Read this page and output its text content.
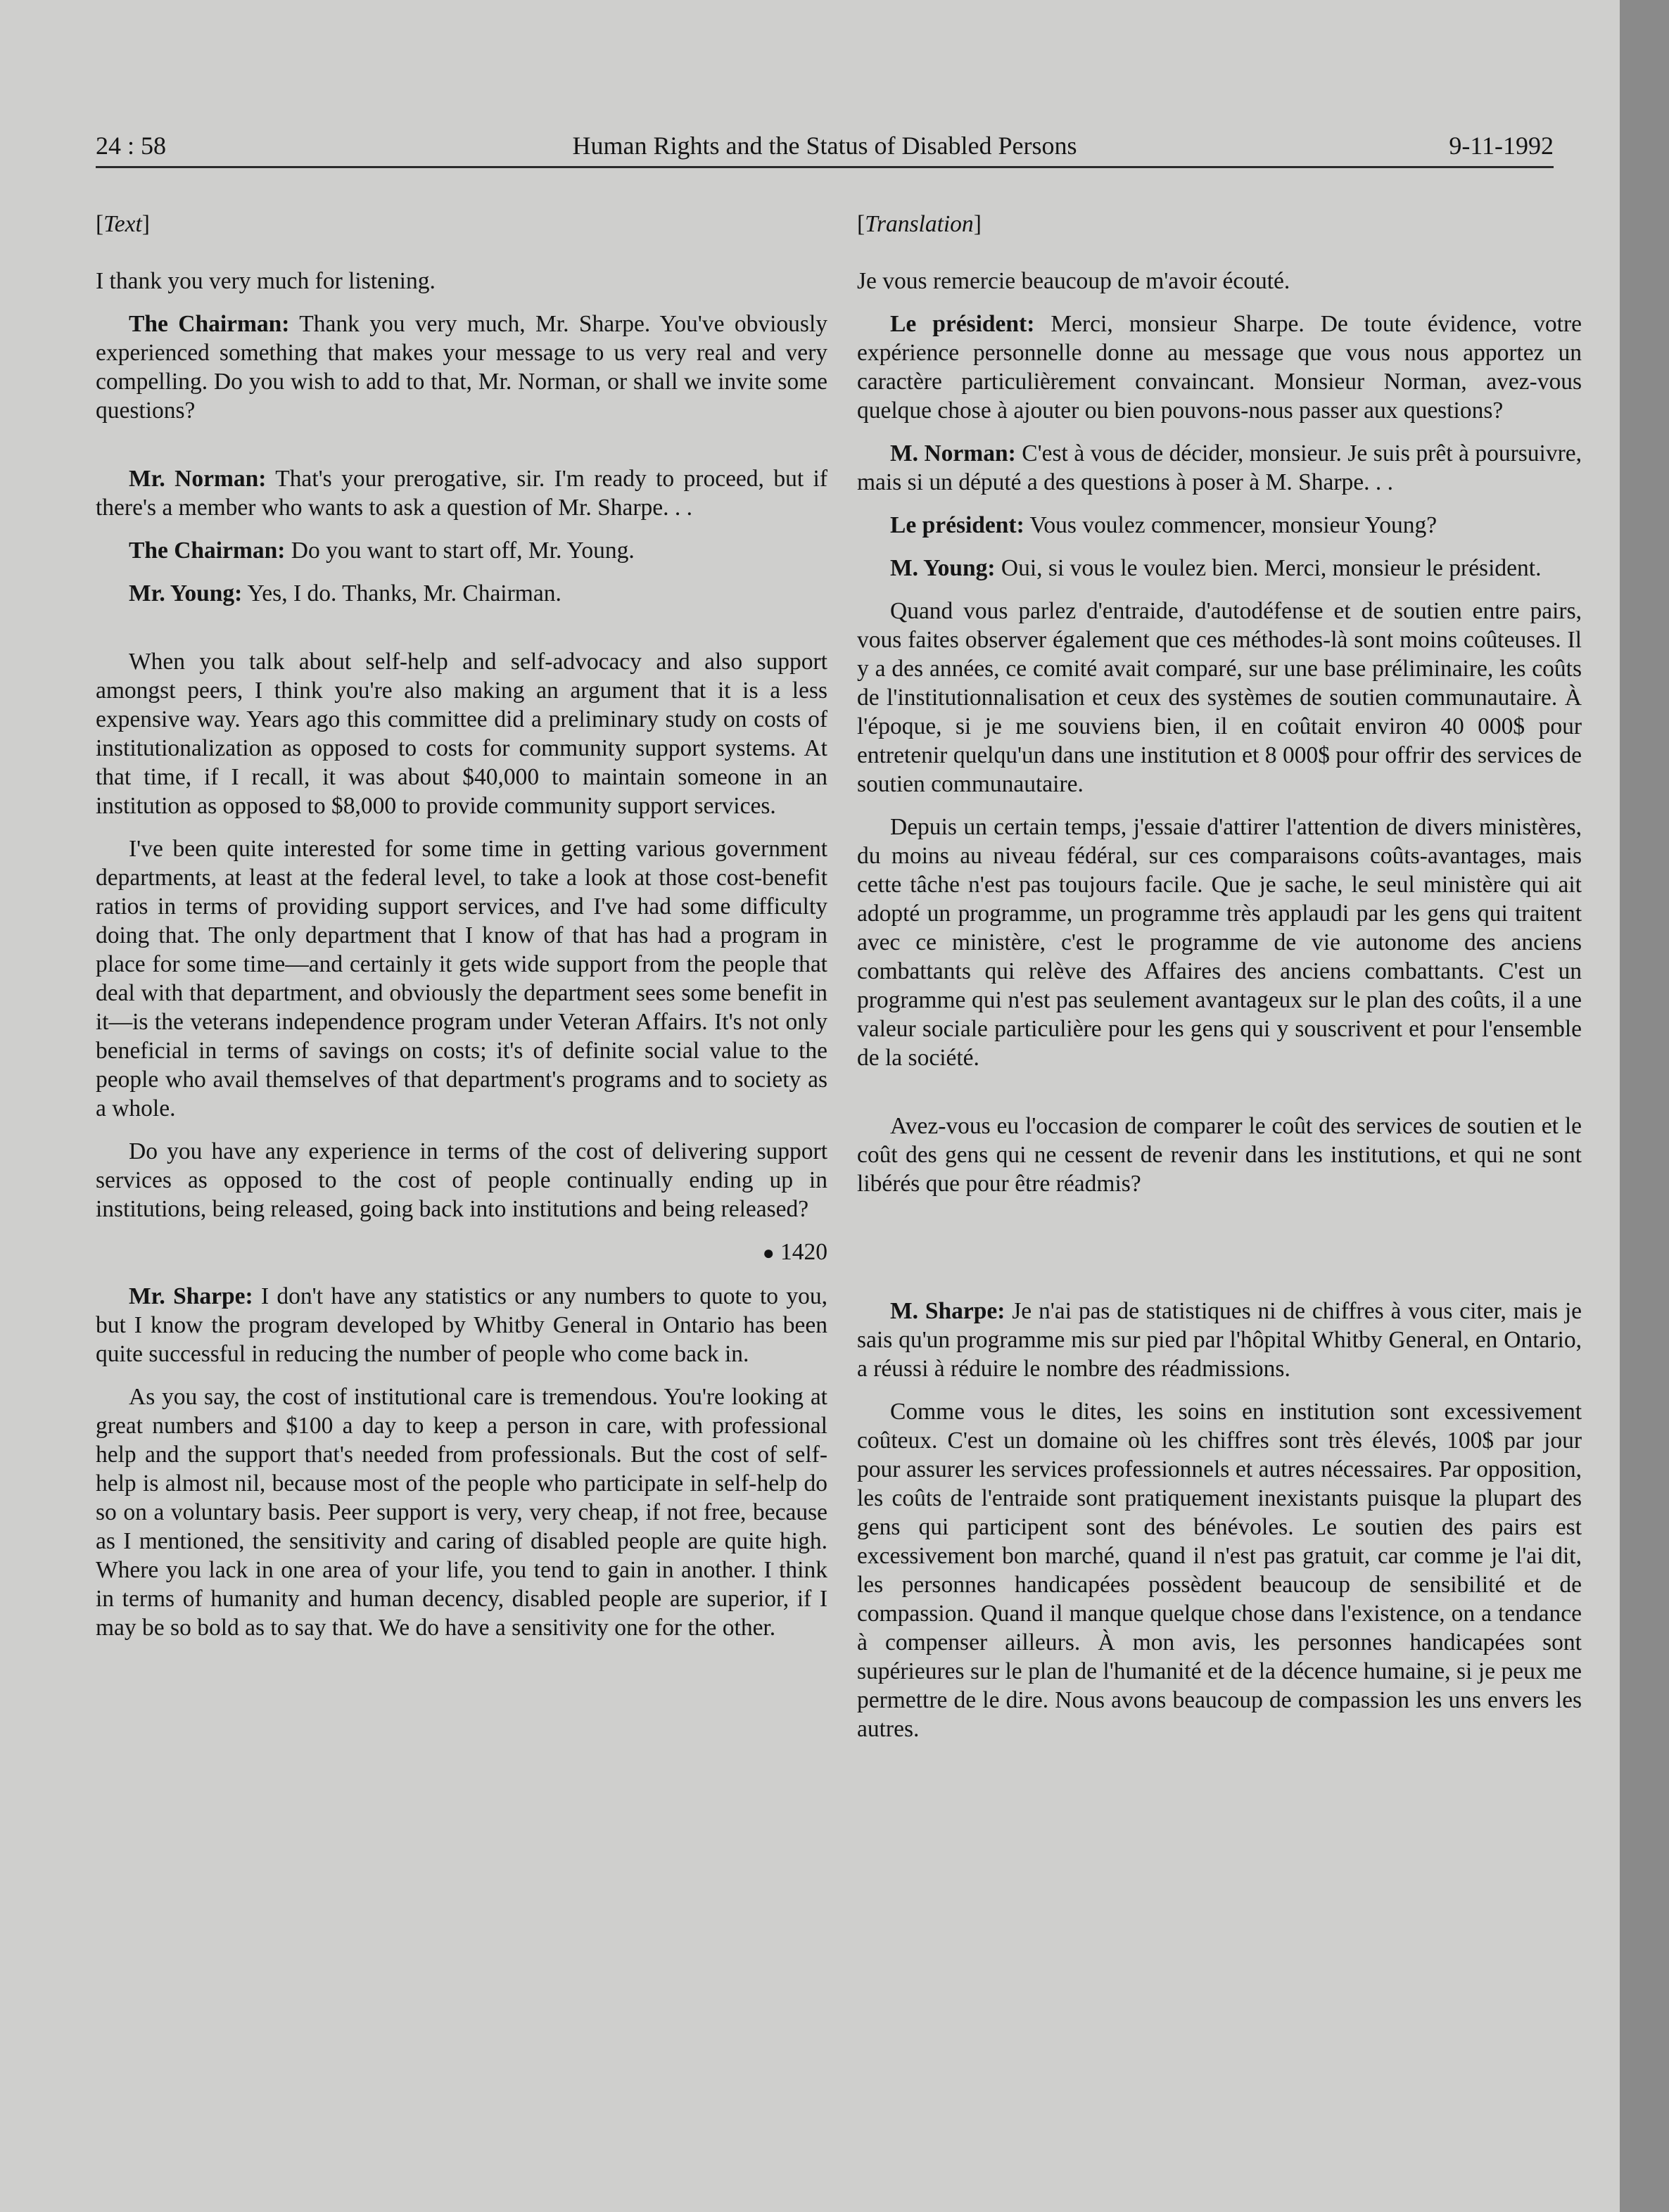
24 : 58	Human Rights and the Status of Disabled Persons	9-11-1992

[Text]

I thank you very much for listening.

The Chairman: Thank you very much, Mr. Sharpe. You've obviously experienced something that makes your message to us very real and very compelling. Do you wish to add to that, Mr. Norman, or shall we invite some questions?

Mr. Norman: That's your prerogative, sir. I'm ready to proceed, but if there's a member who wants to ask a question of Mr. Sharpe. . .

The Chairman: Do you want to start off, Mr. Young.

Mr. Young: Yes, I do. Thanks, Mr. Chairman.

When you talk about self-help and self-advocacy and also support amongst peers, I think you're also making an argument that it is a less expensive way. Years ago this committee did a preliminary study on costs of institutionalization as opposed to costs for community support systems. At that time, if I recall, it was about $40,000 to maintain someone in an institution as opposed to $8,000 to provide community support services.

I've been quite interested for some time in getting various government departments, at least at the federal level, to take a look at those cost-benefit ratios in terms of providing support services, and I've had some difficulty doing that. The only department that I know of that has had a program in place for some time—and certainly it gets wide support from the people that deal with that department, and obviously the department sees some benefit in it—is the veterans independence program under Veteran Affairs. It's not only beneficial in terms of savings on costs; it's of definite social value to the people who avail themselves of that department's programs and to society as a whole.

Do you have any experience in terms of the cost of delivering support services as opposed to the cost of people continually ending up in institutions, being released, going back into institutions and being released?

● 1420

Mr. Sharpe: I don't have any statistics or any numbers to quote to you, but I know the program developed by Whitby General in Ontario has been quite successful in reducing the number of people who come back in.

As you say, the cost of institutional care is tremendous. You're looking at great numbers and $100 a day to keep a person in care, with professional help and the support that's needed from professionals. But the cost of self-help is almost nil, because most of the people who participate in self-help do so on a voluntary basis. Peer support is very, very cheap, if not free, because as I mentioned, the sensitivity and caring of disabled people are quite high. Where you lack in one area of your life, you tend to gain in another. I think in terms of humanity and human decency, disabled people are superior, if I may be so bold as to say that. We do have a sensitivity one for the other.

[Translation]

Je vous remercie beaucoup de m'avoir écouté.

Le président: Merci, monsieur Sharpe. De toute évidence, votre expérience personnelle donne au message que vous nous apportez un caractère particulièrement convaincant. Monsieur Norman, avez-vous quelque chose à ajouter ou bien pouvons-nous passer aux questions?

M. Norman: C'est à vous de décider, monsieur. Je suis prêt à poursuivre, mais si un député a des questions à poser à M. Sharpe. . .

Le président: Vous voulez commencer, monsieur Young?

M. Young: Oui, si vous le voulez bien. Merci, monsieur le président.

Quand vous parlez d'entraide, d'autodéfense et de soutien entre pairs, vous faites observer également que ces méthodes-là sont moins coûteuses. Il y a des années, ce comité avait comparé, sur une base préliminaire, les coûts de l'institutionnalisation et ceux des systèmes de soutien communautaire. À l'époque, si je me souviens bien, il en coûtait environ 40 000$ pour entretenir quelqu'un dans une institution et 8 000$ pour offrir des services de soutien communautaire.

Depuis un certain temps, j'essaie d'attirer l'attention de divers ministères, du moins au niveau fédéral, sur ces comparaisons coûts-avantages, mais cette tâche n'est pas toujours facile. Que je sache, le seul ministère qui ait adopté un programme, un programme très applaudi par les gens qui traitent avec ce ministère, c'est le programme de vie autonome des anciens combattants qui relève des Affaires des anciens combattants. C'est un programme qui n'est pas seulement avantageux sur le plan des coûts, il a une valeur sociale particulière pour les gens qui y souscrivent et pour l'ensemble de la société.

Avez-vous eu l'occasion de comparer le coût des services de soutien et le coût des gens qui ne cessent de revenir dans les institutions, et qui ne sont libérés que pour être réadmis?

M. Sharpe: Je n'ai pas de statistiques ni de chiffres à vous citer, mais je sais qu'un programme mis sur pied par l'hôpital Whitby General, en Ontario, a réussi à réduire le nombre des réadmissions.

Comme vous le dites, les soins en institution sont excessivement coûteux. C'est un domaine où les chiffres sont très élevés, 100$ par jour pour assurer les services professionnels et autres nécessaires. Par opposition, les coûts de l'entraide sont pratiquement inexistants puisque la plupart des gens qui participent sont des bénévoles. Le soutien des pairs est excessivement bon marché, quand il n'est pas gratuit, car comme je l'ai dit, les personnes handicapées possèdent beaucoup de sensibilité et de compassion. Quand il manque quelque chose dans l'existence, on a tendance à compenser ailleurs. À mon avis, les personnes handicapées sont supérieures sur le plan de l'humanité et de la décence humaine, si je peux me permettre de le dire. Nous avons beaucoup de compassion les uns envers les autres.
